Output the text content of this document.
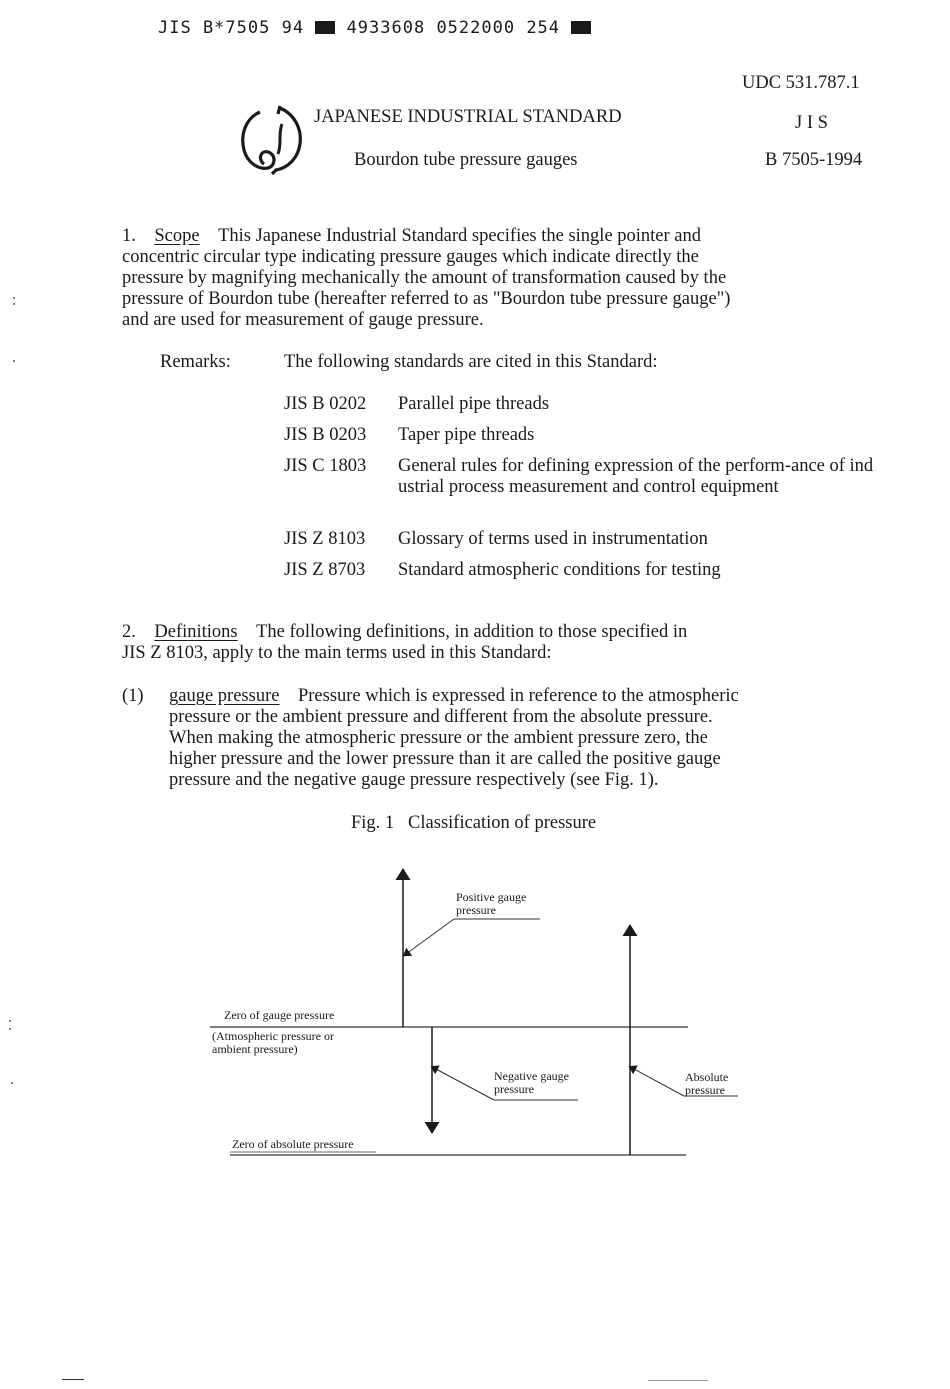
JIS B*7505 94	4933608 0522000 254
UDC 531.787.1
JAPANESE INDUSTRIAL STANDARD	J I S
Bourdon tube pressure gauges	B 7505-1994
1. Scope This Japanese Industrial Standard specifies the single pointer and
concentric circular type indicating pressure gauges which indicate directly the
pressure by magnifying mechanically the amount of transformation caused by the
pressure of Bourdon tube (hereafter referred to as "Bourdon tube pressure gauge")
and are used for measurement of gauge pressure.
Remarks:	The following standards are cited in this Standard:
JIS B 0202 Parallel pipe threads
JIS B 0203 Taper pipe threads
JIS C 1803 General rules for defining expression of the perform-ance of industrial process measurement and control equipment
JIS Z 8103 Glossary of terms used in instrumentation
JIS Z 8703 Standard atmospheric conditions for testing
2. Definitions The following definitions, in addition to those specified in
JIS Z 8103, apply to the main terms used in this Standard:
(1) gauge pressure Pressure which is expressed in reference to the atmospheric
pressure or the ambient pressure and different from the absolute pressure.
When making the atmospheric pressure or the ambient pressure zero, the
higher pressure and the lower pressure than it are called the positive gauge
pressure and the negative gauge pressure respectively (see Fig. 1).
Fig. 1   Classification of pressure
Positive gauge
pressure
Zero of gauge pressure
(Atmospheric pressure or
ambient pressure)
Negative gauge
pressure
Absolute
pressure
Zero of absolute pressure
